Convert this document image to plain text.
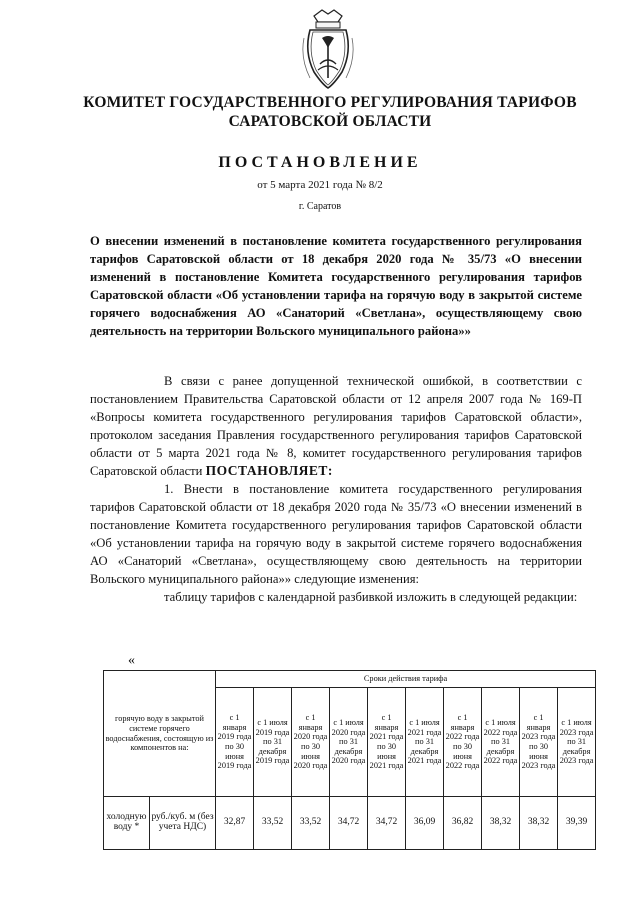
КОМИТЕТ ГОСУДАРСТВЕННОГО РЕГУЛИРОВАНИЯ ТАРИФОВ
САРАТОВСКОЙ ОБЛАСТИ
ПОСТАНОВЛЕНИЕ
от 5 марта 2021 года № 8/2
г. Саратов
О внесении изменений в постановление комитета государственного регулирования тарифов Саратовской области от 18 декабря 2020 года № 35/73 «О внесении изменений в постановление Комитета государственного регулирования тарифов Саратовской области «Об установлении тарифа на горячую воду в закрытой системе горячего водоснабжения АО «Санаторий «Светлана», осуществляющему свою деятельность на территории Вольского муниципального района»»

В связи с ранее допущенной технической ошибкой, в соответствии с постановлением Правительства Саратовской области от 12 апреля 2007 года № 169-П «Вопросы комитета государственного регулирования тарифов Саратовской области», протоколом заседания Правления государственного регулирования тарифов Саратовской области от 5 марта 2021 года № 8, комитет государственного регулирования тарифов Саратовской области ПОСТАНОВЛЯЕТ:

1. Внести в постановление комитета государственного регулирования тарифов Саратовской области от 18 декабря 2020 года № 35/73 «О внесении изменений в постановление Комитета государственного регулирования тарифов Саратовской области «Об установлении тарифа на горячую воду в закрытой системе горячего водоснабжения АО «Санаторий «Светлана», осуществляющему свою деятельность на территории Вольского муниципального района»» следующие изменения:

таблицу тарифов с календарной разбивкой изложить в следующей редакции:

«
горячую воду в закрытой системе горячего водоснабжения, состоящую из компонентов на:		Сроки действия тарифа									
		с 1 января 2019 года по 30 июня 2019 года	с 1 июля 2019 года по 31 декабря 2019 года	с 1 января 2020 года по 30 июня 2020 года	с 1 июля 2020 года по 31 декабря 2020 года	с 1 января 2021 года по 30 июня 2021 года	с 1 июля 2021 года по 31 декабря 2021 года	с 1 января 2022 года по 30 июня 2022 года	с 1 июля 2022 года по 31 декабря 2022 года	с 1 января 2023 года по 30 июня 2023 года	с 1 июля 2023 года по 31 декабря 2023 года
холодную воду *	руб./куб. м (без учета НДС)	32,87	33,52	33,52	34,72	34,72	36,09	36,82	38,32	38,32	39,39
